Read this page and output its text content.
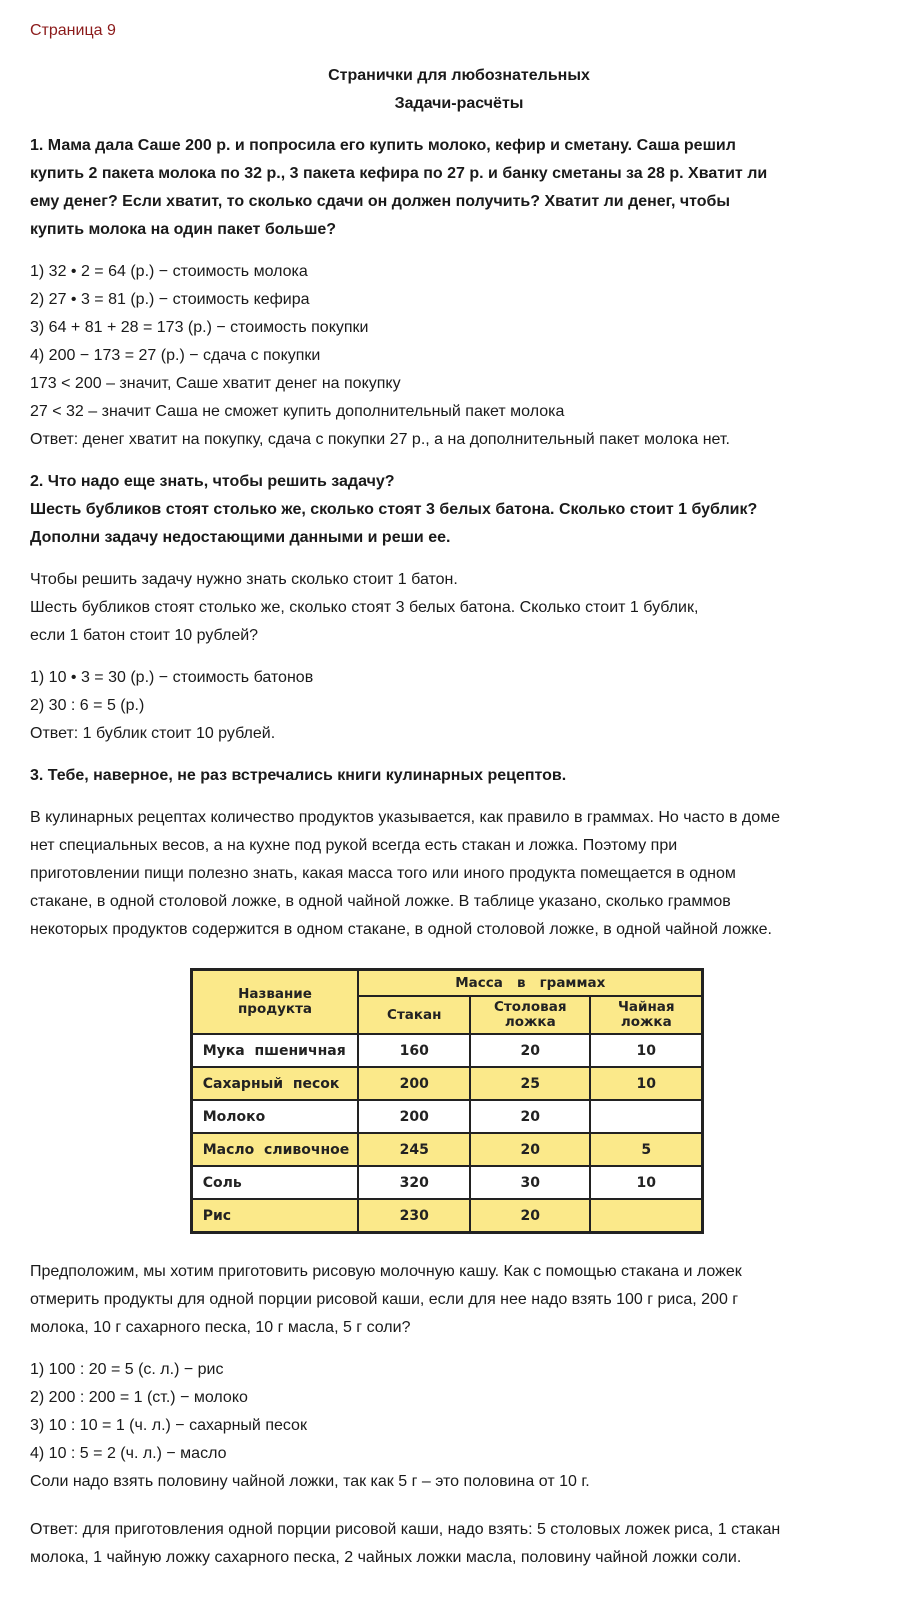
Страница 9

Странички для любознательных

Задачи-расчёты

1. Мама дала Саше 200 р. и попросила его купить молоко, кефир и сметану. Саша решил

купить 2 пакета молока по 32 р., 3 пакета кефира по 27 р. и банку сметаны за 28 р. Хватит ли

ему денег? Если хватит, то сколько сдачи он должен получить? Хватит ли денег, чтобы

купить молока на один пакет больше?

1) 32 • 2 = 64 (р.) − стоимость молока

2) 27 • 3 = 81 (р.) − стоимость кефира

3) 64 + 81 + 28 = 173 (р.) − стоимость покупки

4) 200 − 173 = 27 (р.) − сдача с покупки

173 < 200 – значит, Саше хватит денег на покупку

27 < 32 – значит Саша не сможет купить дополнительный пакет молока

Ответ: денег хватит на покупку, сдача с покупки 27 р., а на дополнительный пакет молока нет.

2. Что надо еще знать, чтобы решить задачу?

Шесть бубликов стоят столько же, сколько стоят 3 белых батона. Сколько стоит 1 бублик?

Дополни задачу недостающими данными и реши ее.

Чтобы решить задачу нужно знать сколько стоит 1 батон.

Шесть бубликов стоят столько же, сколько стоят 3 белых батона. Сколько стоит 1 бублик,

если 1 батон стоит 10 рублей?

1) 10 • 3 = 30 (р.) − стоимость батонов

2) 30 : 6 = 5 (р.)

Ответ: 1 бублик стоит 10 рублей.

3. Тебе, наверное, не раз встречались книги кулинарных рецептов.

В кулинарных рецептах количество продуктов указывается, как правило в граммах. Но часто в доме

нет специальных весов, а на кухне под рукой всегда есть стакан и ложка. Поэтому при

приготовлении пищи полезно знать, какая масса того или иного продукта помещается в одном

стакане, в одной столовой ложке, в одной чайной ложке. В таблице указано, сколько граммов

некоторых продуктов содержится в одном стакане, в одной столовой ложке, в одной чайной ложке.

Название продукта	Масса   в   граммах		
	Стакан	Столовая ложка	Чайная ложка
Мука  пшеничная	160	20	10
Сахарный  песок	200	25	10
Молоко	200	20	
Масло  сливочное	245	20	5
Соль	320	30	10
Рис	230	20	

Предположим, мы хотим приготовить рисовую молочную кашу. Как с помощью стакана и ложек

отмерить продукты для одной порции рисовой каши, если для нее надо взять 100 г риса, 200 г

молока, 10 г сахарного песка, 10 г масла, 5 г соли?

1) 100 : 20 = 5 (с. л.) − рис

2) 200 : 200 = 1 (ст.) − молоко

3) 10 : 10 = 1 (ч. л.) − сахарный песок

4) 10 : 5 = 2 (ч. л.) − масло

Соли надо взять половину чайной ложки, так как 5 г – это половина от 10 г.

Ответ: для приготовления одной порции рисовой каши, надо взять: 5 столовых ложек риса, 1 стакан

молока, 1 чайную ложку сахарного песка, 2 чайных ложки масла, половину чайной ложки соли.
